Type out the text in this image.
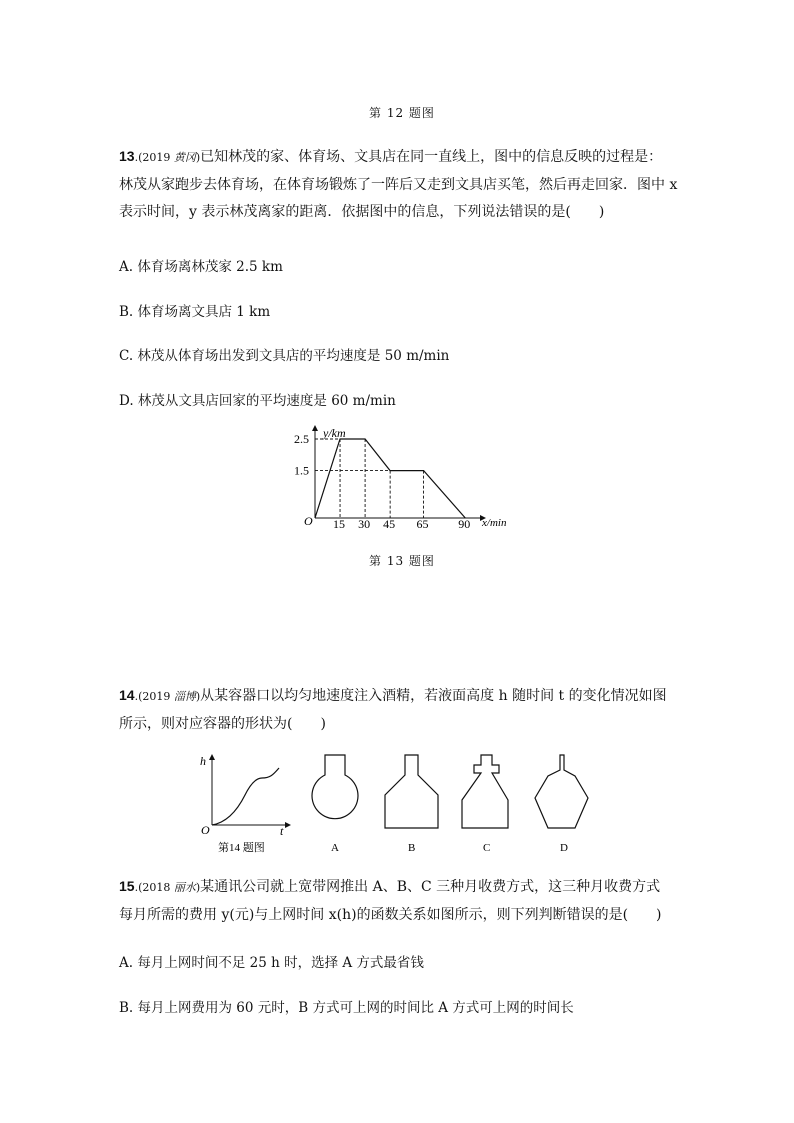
第 12 题图
13.(2019 黄冈)已知林茂的家、体育场、文具店在同一直线上，图中的信息反映的过程是：
林茂从家跑步去体育场，在体育场锻炼了一阵后又走到文具店买笔，然后再走回家．图中 x
表示时间，y 表示林茂离家的距离．依据图中的信息，下列说法错误的是(　　)
A. 体育场离林茂家 2.5 km
B. 体育场离文具店 1 km
C. 林茂从体育场出发到文具店的平均速度是 50 m/min
D. 林茂从文具店回家的平均速度是 60 m/min
y/km
O	x/min
15 30 45 65 90
2.5
1.5
第 13 题图
14.(2019 淄博)从某容器口以均匀地速度注入酒精，若液面高度 h 随时间 t 的变化情况如图
所示，则对应容器的形状为(　　)
h
t
O
第14 题图	A	B	C	D
15.(2018 丽水)某通讯公司就上宽带网推出 A、B、C 三种月收费方式，这三种月收费方式
每月所需的费用 y(元)与上网时间 x(h)的函数关系如图所示，则下列判断错误的是(　　)
A. 每月上网时间不足 25 h 时，选择 A 方式最省钱
B. 每月上网费用为 60 元时，B 方式可上网的时间比 A 方式可上网的时间长
